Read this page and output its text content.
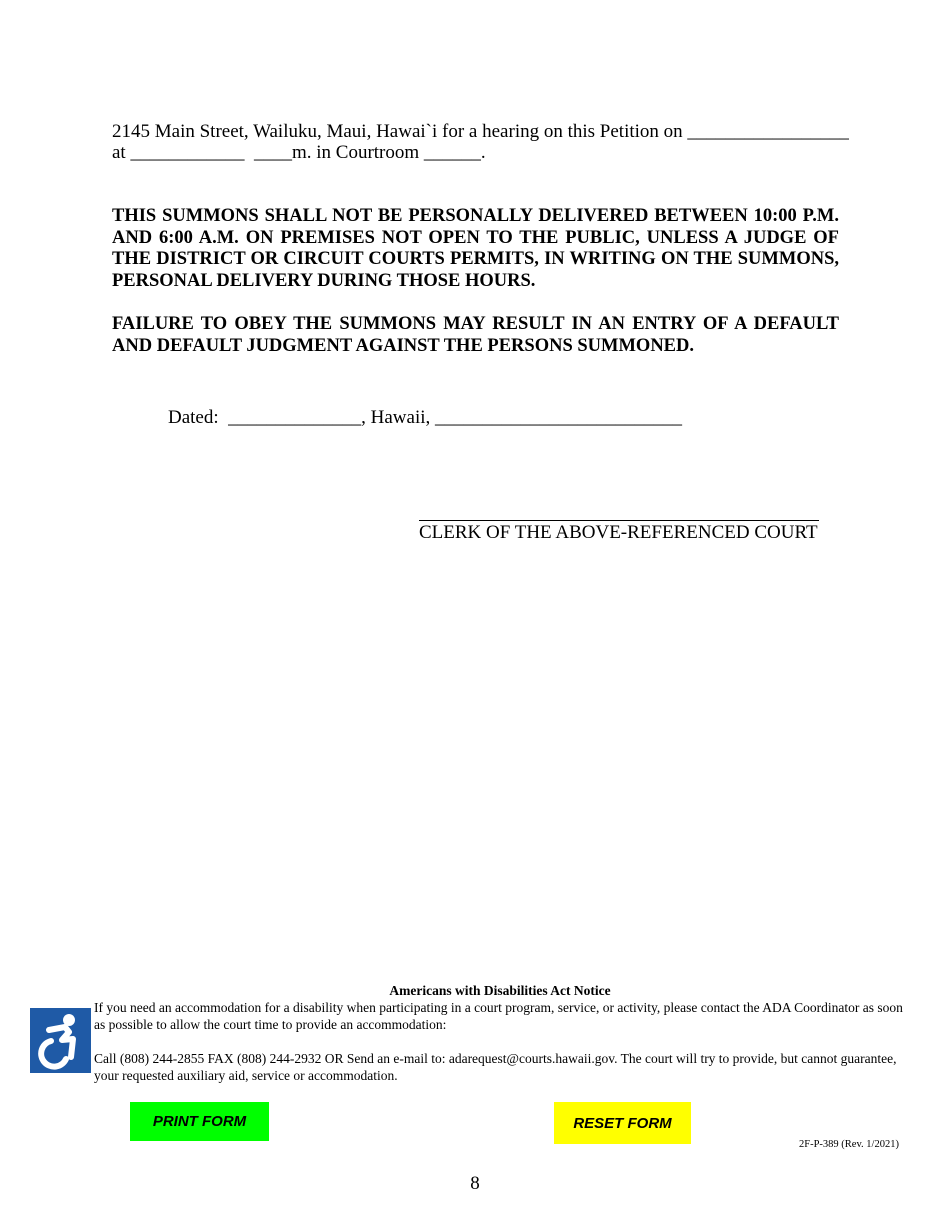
2145 Main Street, Wailuku, Maui, Hawai`i for a hearing on this Petition on _________________
at ____________  ____m. in Courtroom ______.
THIS SUMMONS SHALL NOT BE PERSONALLY DELIVERED BETWEEN 10:00 P.M. AND 6:00 A.M. ON PREMISES NOT OPEN TO THE PUBLIC, UNLESS A JUDGE OF THE DISTRICT OR CIRCUIT COURTS PERMITS, IN WRITING ON THE SUMMONS, PERSONAL DELIVERY DURING THOSE HOURS.
FAILURE TO OBEY THE SUMMONS MAY RESULT IN AN ENTRY OF A DEFAULT AND DEFAULT JUDGMENT AGAINST THE PERSONS SUMMONED.
Dated:  ______________, Hawaii, __________________________
CLERK OF THE ABOVE-REFERENCED COURT
Americans with Disabilities Act Notice
If you need an accommodation for a disability when participating in a court program, service, or activity, please contact the ADA Coordinator as soon as possible to allow the court time to provide an accommodation:
Call (808) 244-2855 FAX (808) 244-2932 OR Send an e-mail to: adarequest@courts.hawaii.gov. The court will try to provide, but cannot guarantee, your requested auxiliary aid, service or accommodation.
PRINT FORM	RESET FORM
2F-P-389 (Rev. 1/2021)
8
